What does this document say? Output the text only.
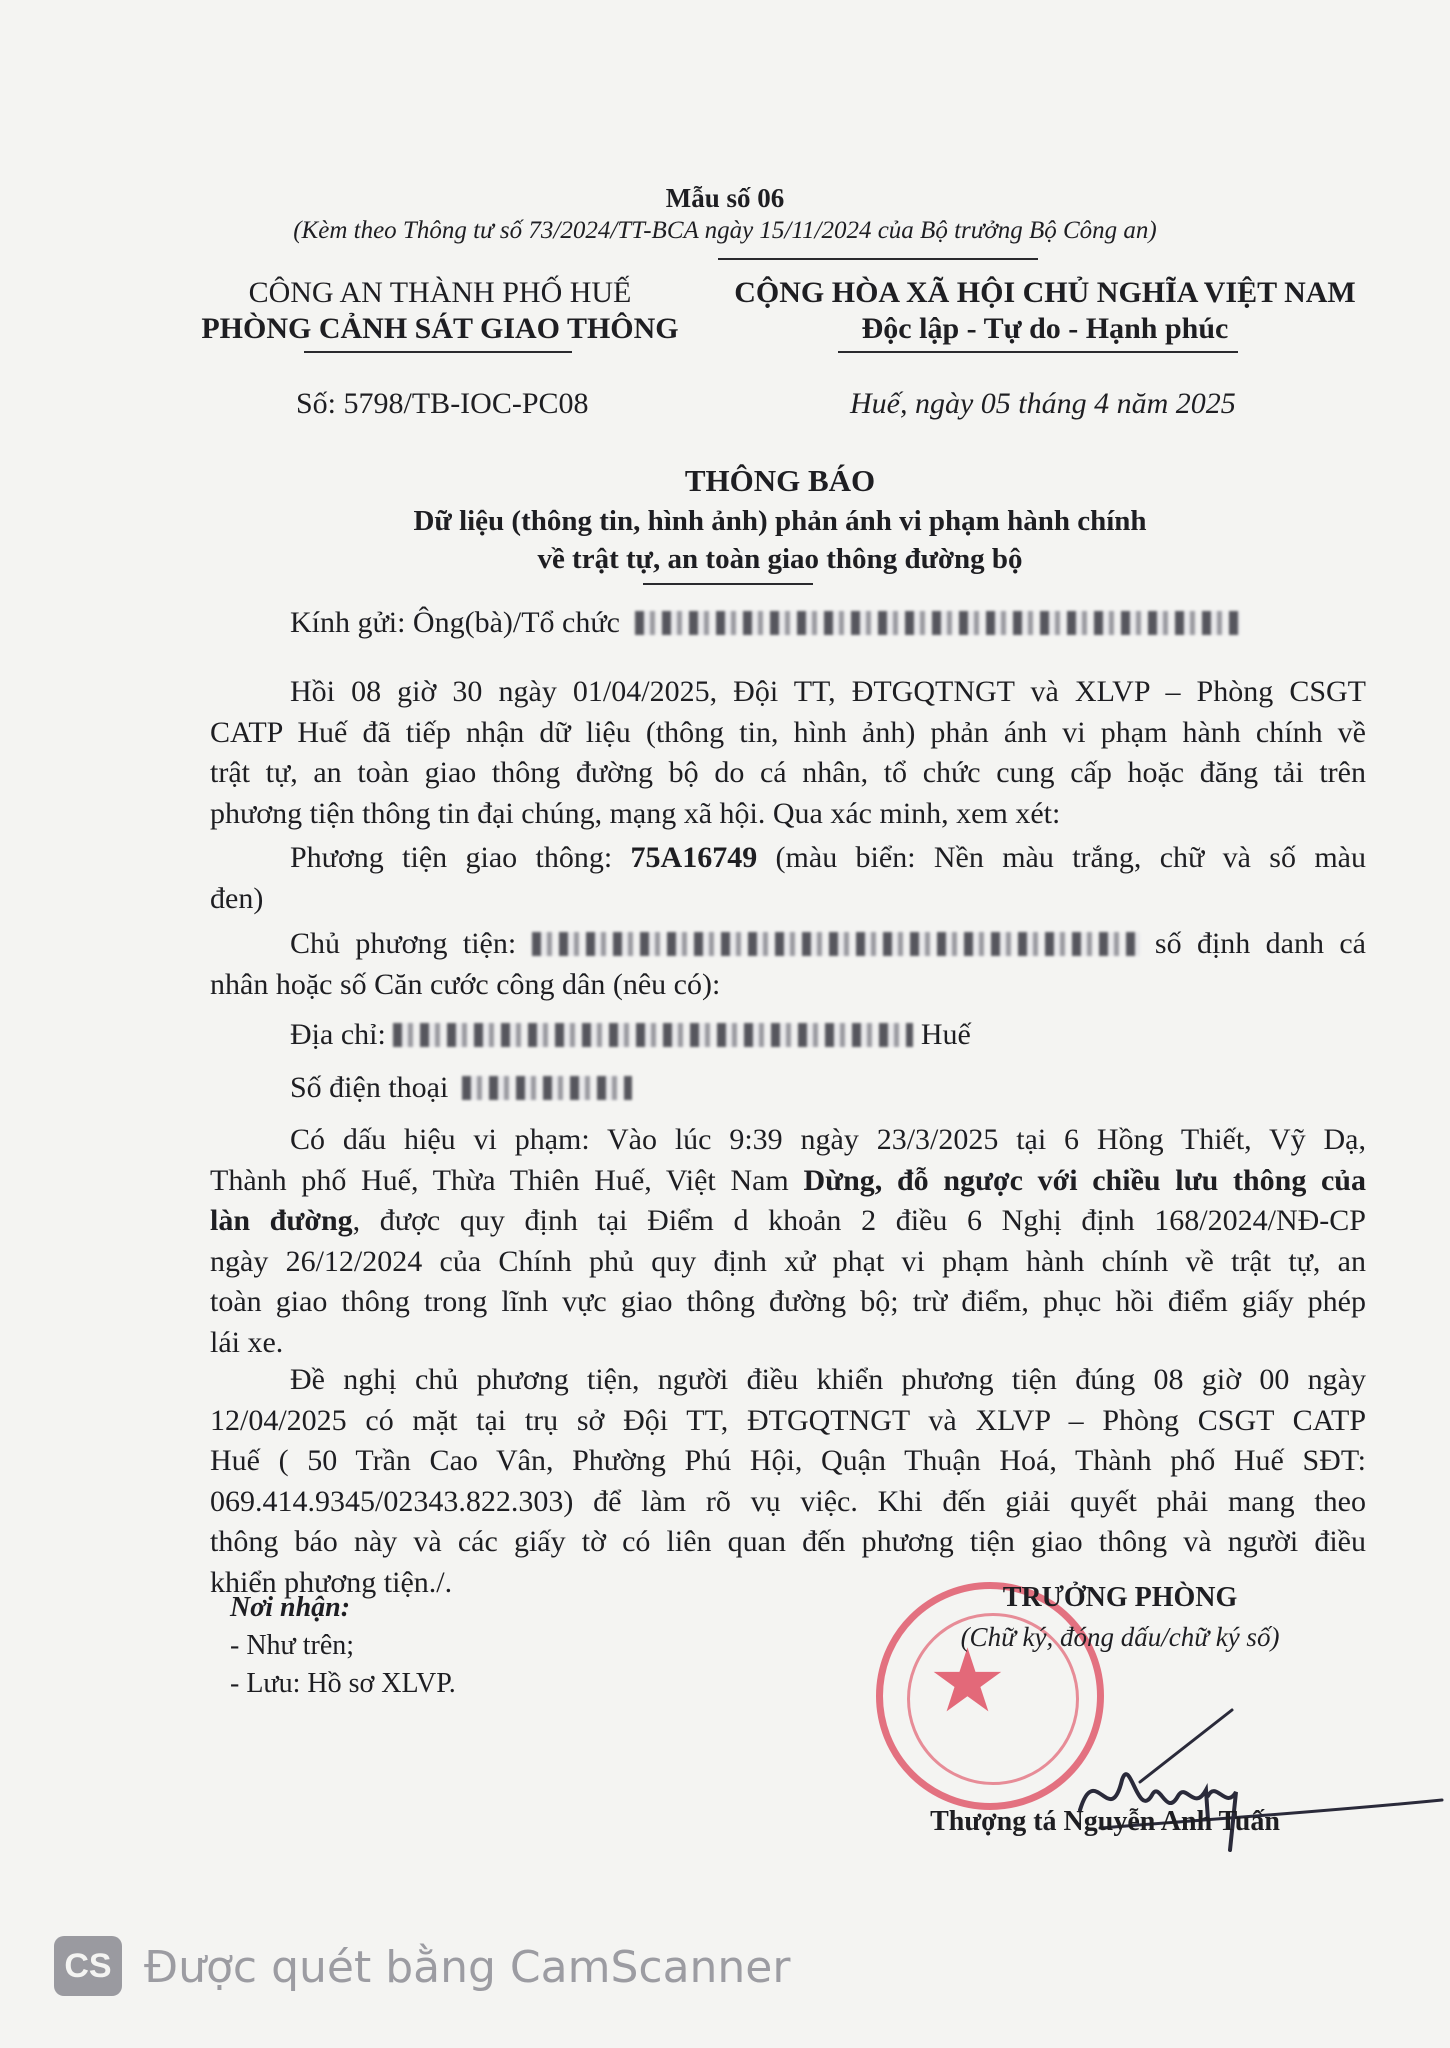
Mẫu số 06
(Kèm theo Thông tư số 73/2024/TT-BCA ngày 15/11/2024 của Bộ trưởng Bộ Công an)
CÔNG AN THÀNH PHỐ HUẾ
PHÒNG CẢNH SÁT GIAO THÔNG
CỘNG HÒA XÃ HỘI CHỦ NGHĨA VIỆT NAM
Độc lập - Tự do - Hạnh phúc
Số: 5798/TB-IOC-PC08	Huế, ngày 05 tháng 4 năm 2025
THÔNG BÁO
Dữ liệu (thông tin, hình ảnh) phản ánh vi phạm hành chính
về trật tự, an toàn giao thông đường bộ
Kính gửi: Ông(bà)/Tổ chức
Hồi 08 giờ 30 ngày 01/04/2025, Đội TT, ĐTGQTNGT và XLVP – Phòng CSGT
CATP Huế đã tiếp nhận dữ liệu (thông tin, hình ảnh) phản ánh vi phạm hành chính về
trật tự, an toàn giao thông đường bộ do cá nhân, tổ chức cung cấp hoặc đăng tải trên
phương tiện thông tin đại chúng, mạng xã hội. Qua xác minh, xem xét:
Phương tiện giao thông: 75A16749 (màu biển: Nền màu trắng, chữ và số màu
đen)
Chủ phương tiện:	số định danh cá
nhân hoặc số Căn cước công dân (nêu có):
Địa chỉ:	Huế
Số điện thoại
Có dấu hiệu vi phạm: Vào lúc 9:39 ngày 23/3/2025 tại 6 Hồng Thiết, Vỹ Dạ,
Thành phố Huế, Thừa Thiên Huế, Việt Nam Dừng, đỗ ngược với chiều lưu thông của
làn đường, được quy định tại Điểm d khoản 2 điều 6 Nghị định 168/2024/NĐ-CP
ngày 26/12/2024 của Chính phủ quy định xử phạt vi phạm hành chính về trật tự, an
toàn giao thông trong lĩnh vực giao thông đường bộ; trừ điểm, phục hồi điểm giấy phép
lái xe.
Đề nghị chủ phương tiện, người điều khiển phương tiện đúng 08 giờ 00 ngày
12/04/2025 có mặt tại trụ sở Đội TT, ĐTGQTNGT và XLVP – Phòng CSGT CATP
Huế ( 50 Trần Cao Vân, Phường Phú Hội, Quận Thuận Hoá, Thành phố Huế SĐT:
069.414.9345/02343.822.303) để làm rõ vụ việc. Khi đến giải quyết phải mang theo
thông báo này và các giấy tờ có liên quan đến phương tiện giao thông và người điều
khiển phương tiện./.
Nơi nhận:
- Như trên;
- Lưu: Hồ sơ XLVP.	★
TRƯỞNG PHÒNG
(Chữ ký, đóng dấu/chữ ký số)
Thượng tá Nguyễn Anh Tuấn
CS Được quét bằng CamScanner
